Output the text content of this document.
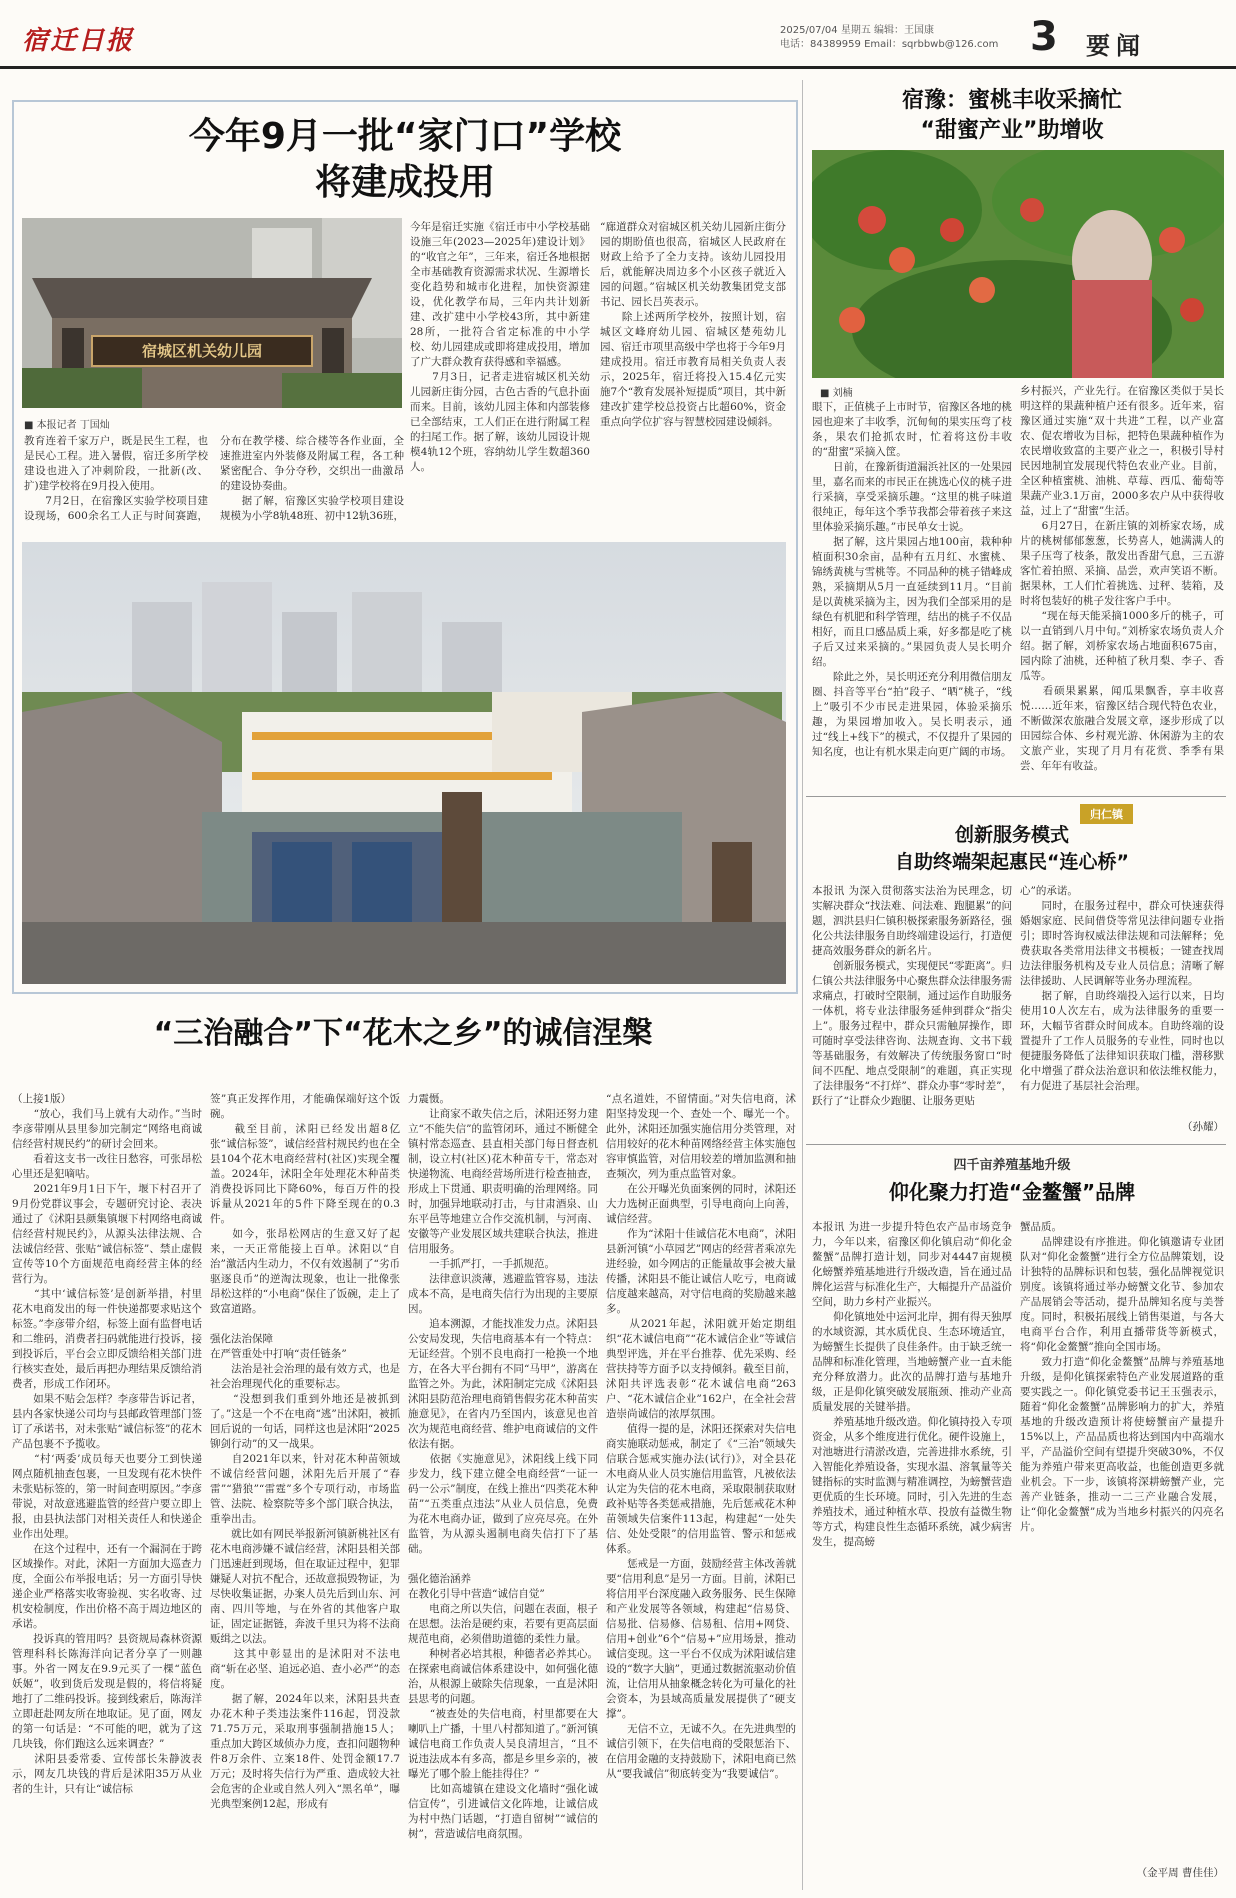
宿迁日报	2025/07/04 星期五 编辑：王国康
电话：84389959 Email：sqrbbwb@126.com 3 要闻
今年9月一批“家门口”学校
将建成投用
宿城区机关幼儿园
■ 本报记者 丁国灿
教育连着千家万户，既是民生工程，也是民心工程。进入暑假，宿迁多所学校建设也进入了冲刺阶段，一批新(改、扩)建学校将在9月投入使用。
　　7月2日，在宿豫区实验学校项目建设现场，600余名工人正与时间赛跑，分布在教学楼、综合楼等各作业面，全速推进室内外装修及附属工程，各工种紧密配合、争分夺秒，交织出一曲激昂的建设协奏曲。
　　据了解，宿豫区实验学校项目建设规模为小学8轨48班、初中12轨36班，
今年是宿迁实施《宿迁市中小学校基础设施三年(2023—2025年)建设计划》的“收官之年”，三年来，宿迁各地根据全市基础教育资源需求状况、生源增长变化趋势和城市化进程，加快资源建设，优化教学布局，三年内共计划新建、改扩建中小学校43所，其中新建28所，一批符合省定标准的中小学校、幼儿园建成或即将建成投用，增加了广大群众教育获得感和幸福感。
　　7月3日，记者走进宿城区机关幼儿园新庄街分园，古色古香的气息扑面而来。目前，该幼儿园主体和内部装修已全部结束，工人们正在进行附属工程的扫尾工作。据了解，该幼儿园设计规模4轨12个班，容纳幼儿学生数超360人。
“廊道群众对宿城区机关幼儿园新庄街分园的期盼值也很高，宿城区人民政府在财政上给予了全力支持。该幼儿园投用后，就能解决周边多个小区孩子就近入园的问题。”宿城区机关幼教集团党支部书记、园长吕英表示。
　　除上述两所学校外，按照计划，宿城区文峰府幼儿园、宿城区楚苑幼儿园、宿迁市项里高级中学也将于今年9月建成投用。宿迁市教育局相关负责人表示，2025年，宿迁将投入15.4亿元实施7个“教育发展补短提质”项目，其中新建改扩建学校总投资占比超60%，资金重点向学位扩容与智慧校园建设倾斜。
宿豫：蜜桃丰收采摘忙
“甜蜜产业”助增收
■ 刘楠
眼下，正值桃子上市时节，宿豫区各地的桃园也迎来了丰收季，沉甸甸的果实压弯了枝条，果农们抢抓农时，忙着将这份丰收的“甜蜜”采摘入筐。
　　日前，在豫新街道漏浜社区的一处果园里，嘉名而来的市民正在挑选心仪的桃子进行采摘，享受采摘乐趣。“这里的桃子味道很纯正，每年这个季节我都会带着孩子来这里体验采摘乐趣。”市民单女士说。
　　据了解，这片果园占地100亩，栽种种植面积30余亩，品种有五月红、水蜜桃、锦绣黄桃与雪桃等。不同品种的桃子错峰成熟，采摘期从5月一直延续到11月。“目前是以黄桃采摘为主，因为我们全部采用的是绿色有机肥和科学管理，结出的桃子不仅品相好，而且口感品质上乘，好多都是吃了桃子后又过来采摘的。”果园负责人吴长明介绍。
　　除此之外，吴长明还充分利用微信朋友圈、抖音等平台“拍”段子、“晒”桃子，“线上”吸引不少市民走进果园，体验采摘乐趣，为果园增加收入。吴长明表示，通过“线上+线下”的模式，不仅提升了果园的知名度，也让有机水果走向更广阔的市场。
乡村振兴，产业先行。在宿豫区类似于吴长明这样的果蔬种植户还有很多。近年来，宿豫区通过实施“双十共进”工程，以产业富农、促农增收为目标，把特色果蔬种植作为农民增收致富的主要产业之一，积极引导村民因地制宜发展现代特色农业产业。目前，全区种植蜜桃、油桃、草莓、西瓜、葡萄等果蔬产业3.1万亩，2000多农户从中获得收益，过上了“甜蜜”生活。
　　6月27日，在新庄镇的刘桥家农场，成片的桃树郁郁葱葱，长势喜人，她满满人的果子压弯了枝条，散发出香甜气息，三五游客忙着拍照、采摘、品尝，欢声笑语不断。据果林，工人们忙着挑选、过秤、装箱，及时将包装好的桃子发往客户手中。
　　“现在每天能采摘1000多斤的桃子，可以一直销到八月中旬。”刘桥家农场负责人介绍。据了解，刘桥家农场占地面积675亩，园内除了油桃，还种植了秋月梨、李子、香瓜等。
　　看硕果累累，闻瓜果飘香，享丰收喜悦……近年来，宿豫区结合现代特色农业，不断做深农旅融合发展文章，逐步形成了以田园综合体、乡村观光游、休闲游为主的农文旅产业，实现了月月有花赏、季季有果尝、年年有收益。
归仁镇
创新服务模式
自助终端架起惠民“连心桥”
本报讯 为深入贯彻落实法治为民理念，切实解决群众“找法难、问法难、跑腿累”的问题，泗洪县归仁镇积极探索服务新路径，强化公共法律服务自助终端建设运行，打造便捷高效服务群众的新名片。
　　创新服务模式，实现便民“零距离”。归仁镇公共法律服务中心聚焦群众法律服务需求痛点，打破时空限制，通过运作自助服务一体机，将专业法律服务延伸到群众“指尖上”。服务过程中，群众只需触屏操作，即可随时享受法律咨询、法规查询、文书下载等基础服务，有效解决了传统服务窗口“时间不匹配、地点受限制”的难题，真正实现了法律服务“不打烊”、群众办事“零时差”，跃行了“让群众少跑腿、让服务更贴
心”的承诺。
　　同时，在服务过程中，群众可快速获得婚姻家庭、民间借贷等常见法律问题专业指引；即时答询权威法律法规和司法解释；免费获取各类常用法律文书模板；一键查找周边法律服务机构及专业人员信息；清晰了解法律援助、人民调解等业务办理流程。
　　据了解，自助终端投入运行以来，日均使用10人次左右，成为法律服务的重要一环，大幅节省群众时间成本。自助终端的设置提升了工作人员服务的专业性，同时也以便捷服务降低了法律知识获取门槛，潜移默化中增强了群众法治意识和依法维权能力，有力促进了基层社会治理。
（孙耀）
四千亩养殖基地升级
仰化聚力打造“金鳌蟹”品牌
本报讯 为进一步提升特色农产品市场竞争力，今年以来，宿豫区仰化镇启动“仰化金鳌蟹”品牌打造计划，同步对4447亩规模化螃蟹养殖基地进行升级改造，旨在通过品牌化运营与标准化生产，大幅提升产品溢价空间，助力乡村产业振兴。
　　仰化镇地处中运河北岸，拥有得天独厚的水域资源，其水质优良、生态环境适宜，为螃蟹生长提供了良佳条件。由于缺乏统一品牌和标准化管理，当地螃蟹产业一直未能充分释放潜力。此次的品牌打造与基地升级，正是仰化镇突破发展瓶颈、推动产业高质量发展的关键举措。
　　养殖基地升级改造。仰化镇持投入专项资金，从多个维度进行优化。硬件设施上，对池塘进行清淤改造，完善进排水系统，引入智能化养殖设备，实现水温、溶氧量等关键指标的实时监测与精准调控，为螃蟹营造更优质的生长环境。同时，引入先进的生态养殖技术，通过种植水草、投放有益微生物等方式，构建良性生态循环系统，减少病害发生，提高螃
蟹品质。
　　品牌建设有序推进。仰化镇邀请专业团队对“仰化金鳌蟹”进行全方位品牌策划，设计独特的品牌标识和包装，强化品牌视觉识别度。该镇将通过举办螃蟹文化节、参加农产品展销会等活动，提升品牌知名度与美誉度。同时，积极拓展线上销售渠道，与各大电商平台合作，利用直播带货等新模式，将“仰化金鳌蟹”推向全国市场。
　　致力打造“仰化金鳌蟹”品牌与养殖基地升级，是仰化镇探索特色产业发展道路的重要实践之一。仰化镇党委书记王玉强表示，随着“仰化金鳌蟹”品牌影响力的扩大，养殖基地的升级改造预计将使螃蟹亩产量提升15%以上，产品品质也将达到国内中高端水平，产品溢价空间有望提升突破30%，不仅能为养殖户带来更高收益，也能创造更多就业机会。下一步，该镇将深耕螃蟹产业，完善产业链条，推动一二三产业融合发展，让“仰化金鳌蟹”成为当地乡村振兴的闪亮名片。
（金平周 曹佳佳）
“三治融合”下“花木之乡”的诚信涅槃
（上接1版）
　　“放心，我们马上就有大动作。”当时李彦带刚从县里参加完制定“网络电商诚信经营村规民约”的研讨会回来。
　　看着这支书一改往日愁容，可张昂松心里还是犯嘀咕。
　　2021年9月1日下午，堰下村召开了9月份党群议事会，专题研究讨论、表决通过了《沭阳县颜集镇堰下村网络电商诚信经营村规民约》，从源头法律法规、合法诚信经营、张贴“诚信标签”、禁止虚假宣传等10个方面规范电商经营主体的经营行为。
　　“其中‘诚信标签’是创新举措，村里花木电商发出的每一件快递都要求贴这个标签。”李彦带介绍，标签上面有监督电话和二维码，消费者扫码就能进行投诉，接到投诉后，平台会立即反馈给相关部门进行核实查处，最后再把办理结果反馈给消费者，形成工作闭环。
　　如果不贴会怎样？李彦带告诉记者，县内各家快递公司均与县邮政管理部门签订了承诺书，对未张贴“诚信标签”的花木产品包裹不予揽收。
　　“村‘两委’成员每天也要分工到快递网点随机抽查包裹，一旦发现有花木快件未张贴标签的，第一时间查明原因。”李彦带说，对故意逃避监管的经营户要立即上报，由县执法部门对相关责任人和快递企业作出处理。
　　在这个过程中，还有一个漏洞在于跨区域操作。对此，沭阳一方面加大巡查力度，全面公布举报电话；另一方面引导快递企业严格落实收寄验视、实名收寄、过机安检制度，作出价格不高于周边地区的承诺。
　　投诉真的管用吗？县资规局森林资源管理科科长陈海洋向记者分享了一则趣事。外省一网友在9.9元买了一棵“蓝色妖姬”，收到货后发现是假的，将信将疑地打了二维码投诉。接到线索后，陈海洋立即赶赴网友所在地取证。见了面，网友的第一句话是：“不可能的吧，就为了这几块钱，你们跑这么远来调查？”
　　沭阳县委常委、宣传部长朱静波表示，网友几块钱的背后是沭阳35万从业者的生计，只有让“诚信标
签”真正发挥作用，才能确保端好这个饭碗。
　　截至目前，沭阳已经发出超8亿张“诚信标签”，诚信经营村规民约也在全县104个花木电商经营村(社区)实现全覆盖。2024年，沭阳全年处理花木种苗类消费投诉同比下降60%，每百万件的投诉量从2021年的5件下降至现在的0.3件。
　　如今，张昂松网店的生意又好了起来，一天正常能接上百单。沭阳以“自治”激活内生动力，不仅有效遏制了“劣币驱逐良币”的逆淘汰现象，也让一批像张昂松这样的“小电商”保住了饭碗，走上了致富道路。

强化法治保障
在严管重处中打响“责任链条”
　　法治是社会治理的最有效方式，也是社会治理现代化的重要标志。
　　“没想到我们重到外地还是被抓到了。”这是一个不在电商“逃”出沭阳，被抓回后说的一句话，同样这也是沭阳“2025铆剑行动”的又一战果。
　　自2021年以来，针对花木种苗领域不诚信经营问题，沭阳先后开展了“春雷”“猎狼”“雷霆”多个专项行动，市场监管、法院、检察院等多个部门联合执法，重拳出击。
　　就比如有网民举报新河镇新桃社区有花木电商涉嫌不诚信经营，沭阳县相关部门迅速赶到现场，但在取证过程中，犯罪嫌疑人对抗不配合，还故意损毁物证，为尽快收集证据，办案人员先后到山东、河南、四川等地，与在外省的其他客户取证，固定证据链，奔波千里只为将不法商贩缉之以法。
　　这其中彰显出的是沭阳对不法电商“斩在必坚、追远必追、查小必严”的态度。
　　据了解，2024年以来，沭阳县共查办花木种子类违法案件116起，罚没款71.75万元，采取刑事强制措施15人；重点加大跨区域侦办力度，查扣问题物种件8万余件、立案18件、处罚金额17.7万元；及时将失信行为严重、造成较大社会危害的企业或自然人列入“黑名单”，曝光典型案例12起，形成有
力震慑。
　　让商家不敢失信之后，沭阳还努力建立“不能失信”的监管闭环，通过不断健全镇村常态巡查、县直相关部门每日督查机制，设立村(社区)花木种苗专干，常态对快递物流、电商经营场所进行检查抽查，形成上下贯通、职责明确的治理网络。同时，加强异地联动打击，与甘肃酒泉、山东平邑等地建立合作交流机制，与河南、安徽等产业发展区域共建联合执法，推进信用服务。
　　一手抓严打，一手抓规范。
　　法律意识淡薄，逃避监管容易，违法成本不高，是电商失信行为出现的主要原因。
　　追本溯源，才能找准发力点。沭阳县公安局发现，失信电商基本有一个特点：无证经营。个别不良电商打一枪换一个地方，在各大平台拥有不同“马甲”，游离在监管之外。为此，沭阳制定完成《沭阳县沭阳县防范治理电商销售假劣花木种苗实施意见》，在省内乃至国内，该意见也首次为规范电商经营、维护电商诚信的文件依法有据。
　　依据《实施意见》，沭阳线上线下同步发力，线下建立健全电商经营“一证一码一公示”制度，在线上推出“四类花木种苗”“五类重点违法”从业人员信息，免费为花木电商办证，做到了应亮尽亮。在外监管，为从源头遏制电商失信打下了基础。

强化德治涵养
在教化引导中营造“诚信自觉”
　　电商之所以失信，问题在表面，根子在思想。法治是硬约束，若要有更高层面规范电商，必须借助道德的柔性力量。
　　种树者必培其根，种德者必养其心。在探索电商诚信体系建设中，如何强化德治，从根源上破除失信现象，一直是沭阳县思考的问题。
　　“被查处的失信电商，村里都要在大喇叭上广播，十里八村都知道了。”新河镇诚信电商工作负责人吴良清坦言，“且不说违法成本有多高，都是乡里乡亲的，被曝光了哪个脸上能挂得住？”
　　比如高墟镇在建设文化墙时“强化诚信宣传”，引进诚信文化阵地，让诚信成为村中热门话题，“打造自留树”“诚信的树”，营造诚信电商氛围。
“点名道姓，不留情面。”对失信电商，沭阳坚持发现一个、查处一个、曝光一个。此外，沭阳还加强实施信用分类管理，对信用较好的花木种苗网络经营主体实施包容审慎监管，对信用较差的增加监测和抽查频次，列为重点监管对象。
　　在公开曝光负面案例的同时，沭阳还大力选树正面典型，引导电商向上向善，诚信经营。
　　作为“沭阳十佳诚信花木电商”，沭阳县新河镇“小草园艺”网店的经营者乘凉先进经验，如今网店的正能量故事会被大量传播，沭阳县不能让诚信人吃亏，电商诚信度越来越高，对守信电商的奖励越来越多。
　　从2021年起，沭阳就开始定期组织“花木诚信电商”“花木诚信企业”等诚信典型评选，并在平台推荐、优先采购、经营扶持等方面予以支持倾斜。截至目前，沭阳共评选表彰“花木诚信电商”263户、“花木诚信企业”162户，在全社会营造崇尚诚信的浓厚氛围。
　　值得一提的是，沭阳还探索对失信电商实施联动惩戒，制定了《“三治”领域失信联合惩戒实施办法(试行)》，对全县花木电商从业人员实施信用监管，凡被依法认定为失信的花木电商，采取限制获取财政补贴等各类惩戒措施，先后惩戒花木种苗领域失信案件113起，构建起“一处失信、处处受限”的信用监管、警示和惩戒体系。
　　惩戒是一方面，鼓励经营主体改善就要“信用利息”是另一方面。目前，沭阳已将信用平台深度融入政务服务、民生保障和产业发展等各领域，构建起“信易贷、信易批、信易修、信易租、信用+网贷、信用+创业”6个“信易+”应用场景，推动诚信变现。这一平台不仅成为沭阳诚信建设的“数字大脑”，更通过数据流驱动价值流，让信用从抽象概念转化为可量化的社会资本，为县域高质量发展提供了“硬支撑”。
　　无信不立，无诚不久。在先进典型的诚信引领下，在失信电商的受限惩治下、在信用金融的支持鼓励下，沭阳电商已然从“要我诚信”彻底转变为“我要诚信”。
